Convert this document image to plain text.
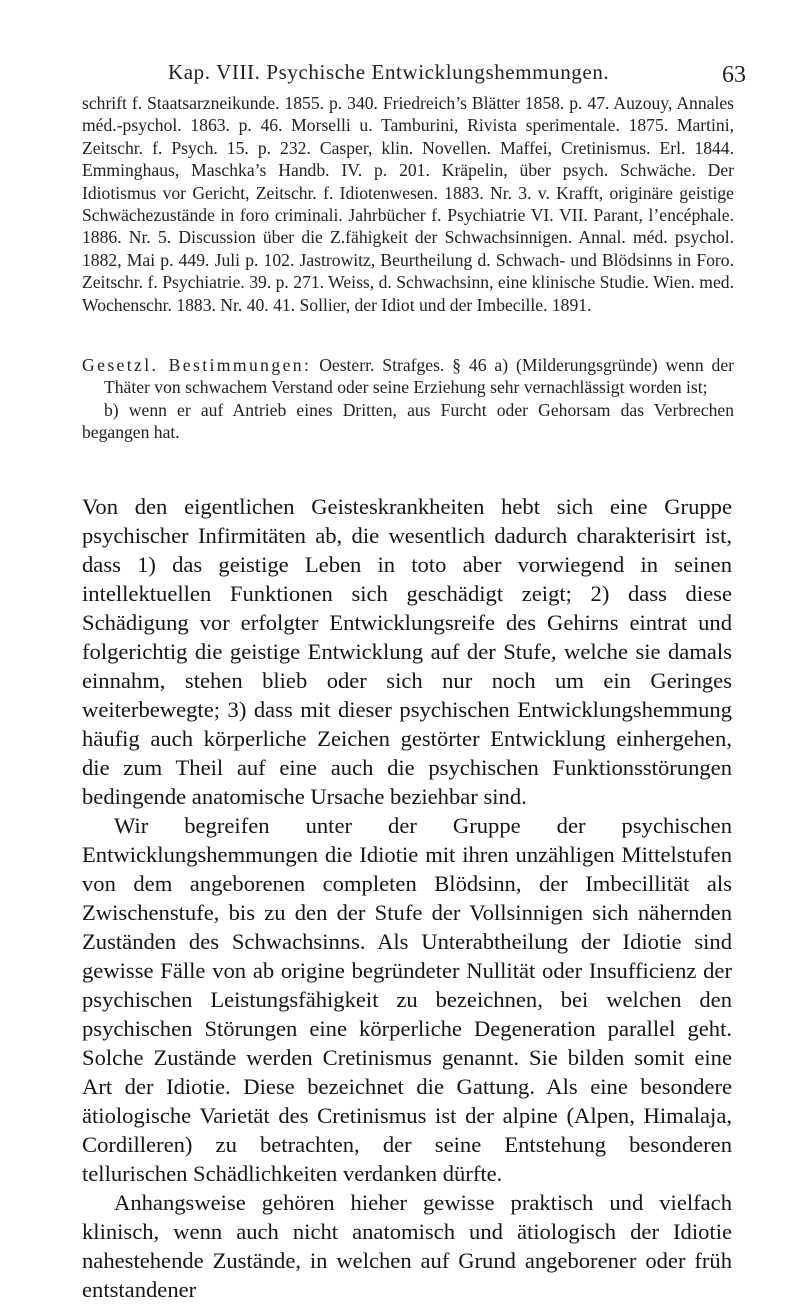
Kap. VIII. Psychische Entwicklungshemmungen.	63

schrift f. Staatsarzneikunde. 1855. p. 340. Friedreich’s Blätter 1858. p. 47. Auzouy, Annales méd.-psychol. 1863. p. 46. Morselli u. Tamburini, Rivista sperimentale. 1875. Martini, Zeitschr. f. Psych. 15. p. 232. Casper, klin. Novellen. Maffei, Cretinismus. Erl. 1844. Emminghaus, Maschka’s Handb. IV. p. 201. Kräpelin, über psych. Schwäche. Der Idiotismus vor Gericht, Zeitschr. f. Idiotenwesen. 1883. Nr. 3. v. Krafft, originäre geistige Schwächezustände in foro criminali. Jahrbücher f. Psychiatrie VI. VII. Parant, l’encéphale. 1886. Nr. 5. Discussion über die Z.fähigkeit der Schwachsinnigen. Annal. méd. psychol. 1882, Mai p. 449. Juli p. 102. Jastrowitz, Beurtheilung d. Schwach- und Blödsinns in Foro. Zeitschr. f. Psychiatrie. 39. p. 271. Weiss, d. Schwachsinn, eine klinische Studie. Wien. med. Wochenschr. 1883. Nr. 40. 41. Sollier, der Idiot und der Imbecille. 1891.

Gesetzl. Bestimmungen: Oesterr. Strafges. § 46 a) (Milderungsgründe) wenn der Thäter von schwachem Verstand oder seine Erziehung sehr vernachlässigt worden ist;

b) wenn er auf Antrieb eines Dritten, aus Furcht oder Gehorsam das Verbrechen begangen hat.

Von den eigentlichen Geisteskrankheiten hebt sich eine Gruppe psychischer Infirmitäten ab, die wesentlich dadurch charakterisirt ist, dass 1) das geistige Leben in toto aber vorwiegend in seinen intellektuellen Funktionen sich geschädigt zeigt; 2) dass diese Schädigung vor erfolgter Entwicklungsreife des Gehirns eintrat und folgerichtig die geistige Entwicklung auf der Stufe, welche sie damals einnahm, stehen blieb oder sich nur noch um ein Geringes weiterbewegte; 3) dass mit dieser psychischen Entwicklungshemmung häufig auch körperliche Zeichen gestörter Entwicklung einhergehen, die zum Theil auf eine auch die psychischen Funktionsstörungen bedingende anatomische Ursache beziehbar sind.

Wir begreifen unter der Gruppe der psychischen Entwicklungshemmungen die Idiotie mit ihren unzähligen Mittelstufen von dem angeborenen completen Blödsinn, der Imbecillität als Zwischenstufe, bis zu den der Stufe der Vollsinnigen sich nähernden Zuständen des Schwachsinns. Als Unterabtheilung der Idiotie sind gewisse Fälle von ab origine begründeter Nullität oder Insufficienz der psychischen Leistungsfähigkeit zu bezeichnen, bei welchen den psychischen Störungen eine körperliche Degeneration parallel geht. Solche Zustände werden Cretinismus genannt. Sie bilden somit eine Art der Idiotie. Diese bezeichnet die Gattung. Als eine besondere ätiologische Varietät des Cretinismus ist der alpine (Alpen, Himalaja, Cordilleren) zu betrachten, der seine Entstehung besonderen tellurischen Schädlichkeiten verdanken dürfte.

Anhangsweise gehören hieher gewisse praktisch und vielfach klinisch, wenn auch nicht anatomisch und ätiologisch der Idiotie nahestehende Zustände, in welchen auf Grund angeborener oder früh entstandener
